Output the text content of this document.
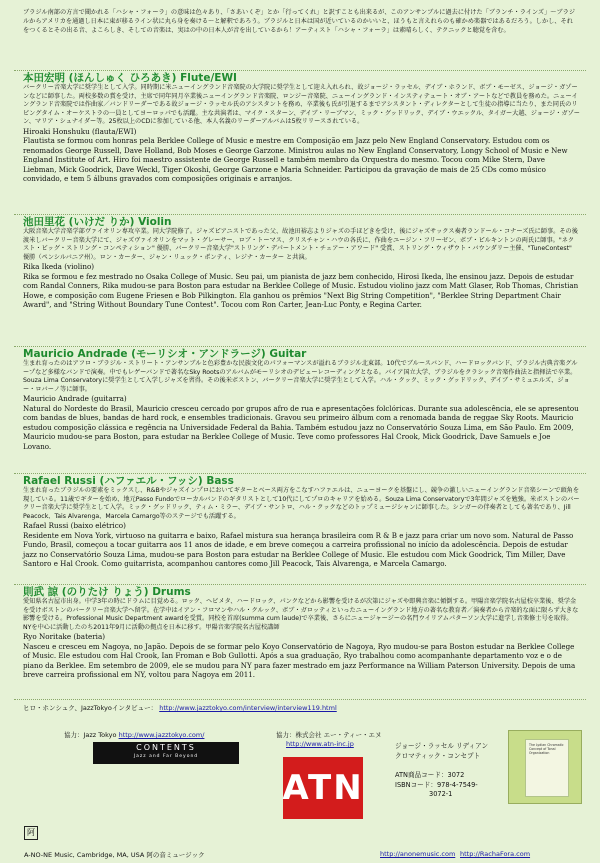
ブラジル南部の方言で聞かれる「ハシャ・フォーラ」の意味は色々あり、「さあいくぞ」とか「行ってくれ」と訳すことも出来るが、このアンサンブルに過去に付けた「ブランチ・ラインズ」〜ブラジルからアメリカを通過し日本に東が移るライン状に丸ら身を奏ける〜と解釈であろう。ブラジルと日本は国が近いているのかいいと、ほうもと言えれらのも確かめ楽器ではあるだろう。しかし、それをつくるとその出る音、よこらしき、そしての音楽は、実はの中の日本人が音を出しているから！アーティスト「ハシャ・フォーラ」は素晴らしく、テクニックと聴覚を含む。

本田宏明 (ほんしゅく ひろあき) Flute/EWI

バークリー音楽大学に奨学生として入学。同時期に米ニューイングランド音楽院の大学院に奨学生として迎え入れられ、故ジョージ・ラッセル、デイブ・ホランド、ボブ・モーゼス、ジョージ・ガゾーンなどに師事した。両校多数の賞を受け、主席で同年同月卒業後ニューイングランド音楽院、ロンジー音楽院、ニューイングランド・インスティテュート・オブ・アートなどで教員を務めた。ニューイングランド音楽院では作曲家／バンドリーダーである故ジョージ・ラッセル氏のアシスタントを務め、卒業後も氏が引退するまでアシスタント・ディレクターとして生徒の指導に当たり、また同氏のリビングタイム・オーケストラの一員としてヨーロッパでも活躍。主な共演者は、マイク・スターン、デイブ・リーブマン、ミック・グッドリック、デイブ・ウエックル、タイガー大越、ジョージ・ガゾーン、マリア・シュナイダー等。25枚以上のCDに参加している他、本人名義のリーダーアルバムは5枚リリースされている。

Hiroaki Honshuku (flauta/EWI)

Flautista se formou com honras pela Berklee College of Music e mestre em Composição em Jazz pelo New England Conservatory. Estudou com os renomados George Russell, Dave Holland, Bob Moses e George Garzone. Ministrou aulas no New England Conservatory, Longy School of Music e New England Institute of Art. Hiro foi maestro assistente de George Russell e também membro da Orquestra do mesmo. Tocou com Mike Stern, Dave Liebman, Mick Goodrick, Dave Weckl, Tiger Okoshi, George Garzone e Maria Schneider. Participou da gravação de mais de 25 CDs como músico convidado, e tem 5 álbuns gravados com composições originais e arranjos.

池田里花 (いけだ りか) Violin

大阪音楽大学音楽学部ヴァイオリン専攻卒業。同大学院修了。ジャズピアニストであった父、故池田裕志よりジャズの手ほどきを受け、後にジャズサックス奏者ランドール・コナーズ氏に師事。その後渡米しバークリー音楽大学にて、ジャズヴァイオリンをマット・グレーサー、ロブ・トーマス、クリスチャン・ハウの各氏に、作曲をユージン・フリーゼン、ボブ・ピルキントンの両氏に師事。"ネクスト・ビッグ・ストリング・コンペティション" 優勝、バークリー音楽大学"ストリング・デパートメント・チェアー・アワード" 受賞、ストリング・ウィザウト・バウンダリー主催、"TuneContest" 優勝（ペンシルバニア州）。ロン・カーター、ジャン・リュック・ポンティ、レジナ・カーター と共演。

Rika Ikeda (violino)

Rika se formou e fez mestrado no Osaka College of Music. Seu pai, um pianista de jazz bem conhecido, Hirosi Ikeda, lhe ensinou jazz. Depois de estudar com Randal Conners, Rika mudou-se para Boston para estudar na Berklee College of Music. Estudou violino jazz com Matt Glaser, Rob Thomas, Christian Howe, e composição com Eugene Friesen e Bob Pilkington. Ela ganhou os prêmios "Next Big String Competition", "Berklee String Department Chair Award", and "String Without Boundary Tune Contest". Tocou com Ron Carter, Jean-Luc Ponty, e Regina Carter.

Mauricio Andrade (モーリシオ・アンドラージ) Guitar

生まれ育ったのはアフロ・ブラジル・ストリート・アンサンブルと色彩豊かな民族文化のパフォーマンスが溢れるブラジル北東部。10代でブルースバンド、ハードロックバンド、ブラジル古典音楽グループなど多様なバンドで演奏。中でもレゲーバンドで著名なSky Rootsのアルバムがモーリシオのデビューレコーディングとなる。バイア国立大学、ブラジルをクラシック音楽作曲法と指揮法で卒業。Souza Lima Conservatoryに奨学生として入学しジャズを習得。その後米ボストン、バークリー音楽大学に奨学生として入学。ハル・クック、ミック・グッドリック、デイブ・サミュエルズ、ジョー・ロバーノ等に師事。

Mauricio Andrade (guitarra)

Natural do Nordeste do Brasil, Mauricio cresceu cercado por grupos afro de rua e apresentações folclóricas. Durante sua adolescência, ele se apresentou com bandas de blues, bandas de hard rock, e ensembles tradicionais. Gravou seu primeiro álbum com a renomada banda de reggae Sky Roots. Mauricio estudou composição clássica e regência na Universidade Federal da Bahia. Também estudou jazz no Conservatório Souza Lima, em São Paulo. Em 2009, Mauricio mudou-se para Boston, para estudar na Berklee College of Music. Teve como professores Hal Crook, Mick Goodrick, Dave Samuels e Joe Lovano.

Rafael Russi (ハファエル・フッシ) Bass

生まれ育ったブラジルの要素をミックスし、R&Bやジャズインプロにおいてギターとベース両方をこなすハファエルは、ニューヨークを基盤にし、競争の激しいニューイングランド音楽シーンで頭角を現している。11歳でギターを始め、地元Passo Fundoでローカルバンドのギタリストとして10代にしてプロのキャリアを始める。Souza Lima Conservatoryで3年間ジャズを勉強。米ボストンのバークリー音楽大学に奨学生として入学。ミック・グッドリック、ティム・ミラー、デイブ・サントロ、ハル・クックなどのトップミュージシャンに師事した。シンガーの伴奏者としても著名であり、Jill Peacock、Tais Alvarenga、Marcela Camargo等のステージでも活躍する。

Rafael Russi (baixo elétrico)

Residente em Nova York, virtuoso na guitarra e baixo, Rafael mistura sua herança brasileira com R & B e jazz para criar um novo som. Natural de Passo Fundo, Brasil, começou a tocar guitarra aos 11 anos de idade, e em breve começou a carreira profissional no início da adolescência. Depois de estudar jazz no Conservatório Souza Lima, mudou-se para Boston para estudar na Berklee College of Music. Ele estudou com Mick Goodrick, Tim Miller, Dave Santoro e Hal Crook. Como guitarrista, acompanhou cantores como Jill Peacock, Tais Alvarenga, e Marcela Camargo.

則武 諒 (のりたけ りょう) Drums

愛知県名古屋市出身。中学3年の時にドラムに目覚める。ロック、ヘビメタ、ハードロック、パンクなどから影響を受けるが次第にジャズや即興音楽に傾倒する。甲陽音楽学院名古屋校卒業後、奨学金を受けボストンのバークリー音楽大学へ留学。在学中はイアン・フロマンやハル・クルック、ボブ・ガロッティといったニューイングランド地方の著名な教育者／演奏者から音楽的な面に限らず大きな影響を受ける。Professional Music Department awardを受賞。同校を首席(summa cum laude)で卒業後、さらにニュージャージーの名門ウイリアムパターソン大学に進学し音楽修士号を取得。NYを中心に活動したのち2011年9月に活動の拠点を日本に移す。甲陽音楽学院名古屋校講師

Ryo Noritake (bateria)

Nasceu e cresceu em Nagoya, no Japão. Depois de se formar pelo Koyo Conservatório de Nagoya, Ryo mudou-se para Boston estudar na Berklee College of Music. Ele estudou com Hal Crook, Ian Froman e Bob Gullotti. Após a sua graduação, Ryo trabalhou como acompanhante departamento voz e o de piano da Berklee. Em setembro de 2009, ele se mudou para NY para fazer mestrado em jazz Performance na William Paterson University. Depois de uma breve carreira profissional em NY, voltou para Nagoya em 2011.

ヒロ・ホンシュク、JazzTokyoインタビュー： http://www.jazztokyo.com/interview/interview119.html

協力：Jazz Tokyo http://www.jazztokyo.com/	協力：株式会社 エー・ティー・エヌ
http://www.atn-inc.jp
A-NO-NE Music, Cambridge, MA, USA 阿の音ミュージック	http://anonemusic.com http://RachaFora.com
CONTENTS
Jazz and Far Beyond
ATN

ジョージ・ラッセル リディアン

クロマティック・コンセプト

ATN商品コード：3072

ISBNコード：978-4-7549-

3072-1

The Lydian Chromatic Concept of Tonal Organization
阿
